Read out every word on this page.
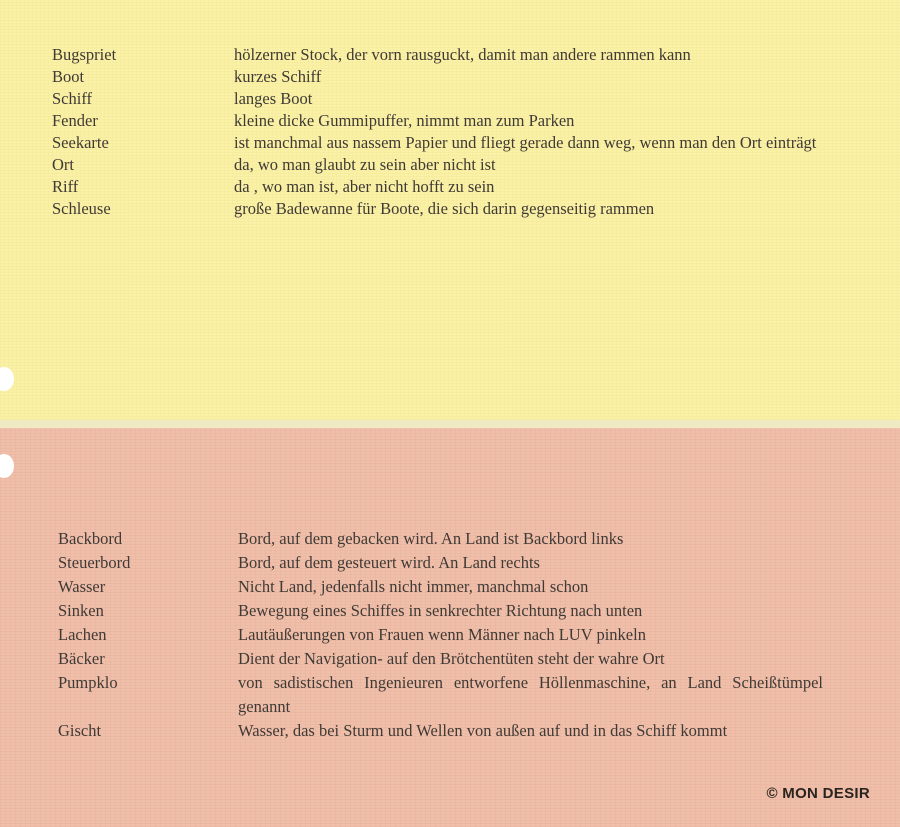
Bugspriet	hölzerner Stock, der vorn rausguckt, damit man andere rammen kann
Boot	kurzes Schiff
Schiff	langes Boot
Fender	kleine dicke Gummipuffer, nimmt man zum Parken
Seekarte	ist manchmal aus nassem Papier und fliegt gerade dann weg, wenn man den Ort einträgt
Ort	da, wo man glaubt zu sein aber nicht ist
Riff	da , wo man ist, aber nicht hofft zu sein
Schleuse	große Badewanne für Boote, die sich darin gegenseitig rammen
Backbord	Bord, auf dem gebacken wird. An Land ist Backbord links
Steuerbord	Bord, auf dem gesteuert wird. An Land rechts
Wasser	Nicht Land, jedenfalls nicht immer, manchmal schon
Sinken	Bewegung eines Schiffes in senkrechter Richtung nach unten
Lachen	Lautäußerungen von Frauen wenn Männer nach LUV pinkeln
Bäcker	Dient der Navigation- auf den Brötchentüten steht der wahre Ort
Pumpklo	von sadistischen Ingenieuren entworfene Höllenmaschine, an Land Scheißtümpel genannt
Gischt	Wasser, das bei Sturm und Wellen von außen auf und in das Schiff kommt
© MON DESIR
